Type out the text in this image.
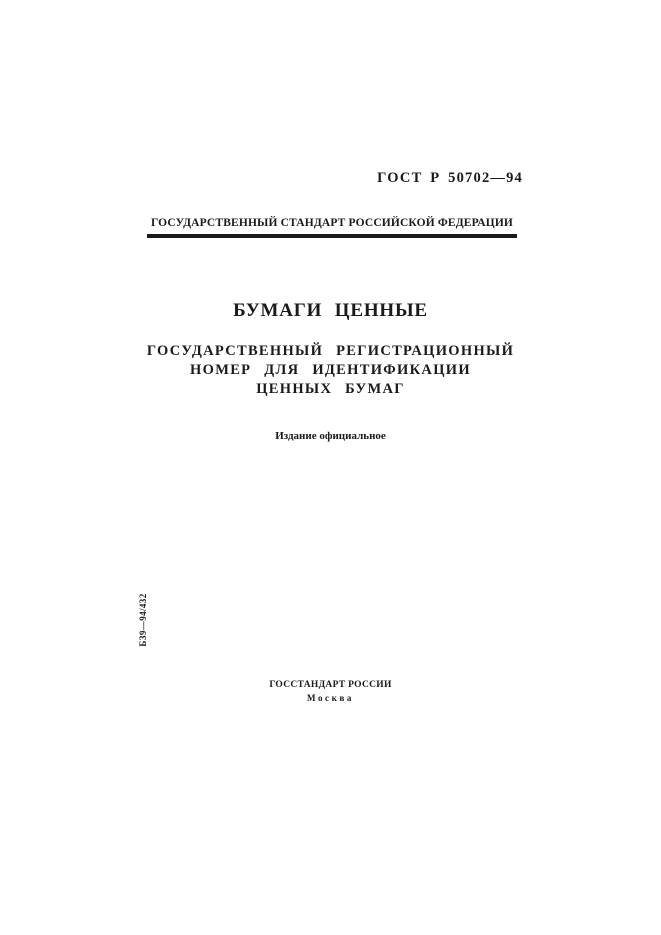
ГОСТ Р 50702—94
ГОСУДАРСТВЕННЫЙ СТАНДАРТ РОССИЙСКОЙ ФЕДЕРАЦИИ
БУМАГИ ЦЕННЫЕ
ГОСУДАРСТВЕННЫЙ РЕГИСТРАЦИОННЫЙ
НОМЕР ДЛЯ ИДЕНТИФИКАЦИИ
ЦЕННЫХ БУМАГ
Издание официальное
БЗ9—94/432
ГОССТАНДАРТ РОССИИ
Москва
